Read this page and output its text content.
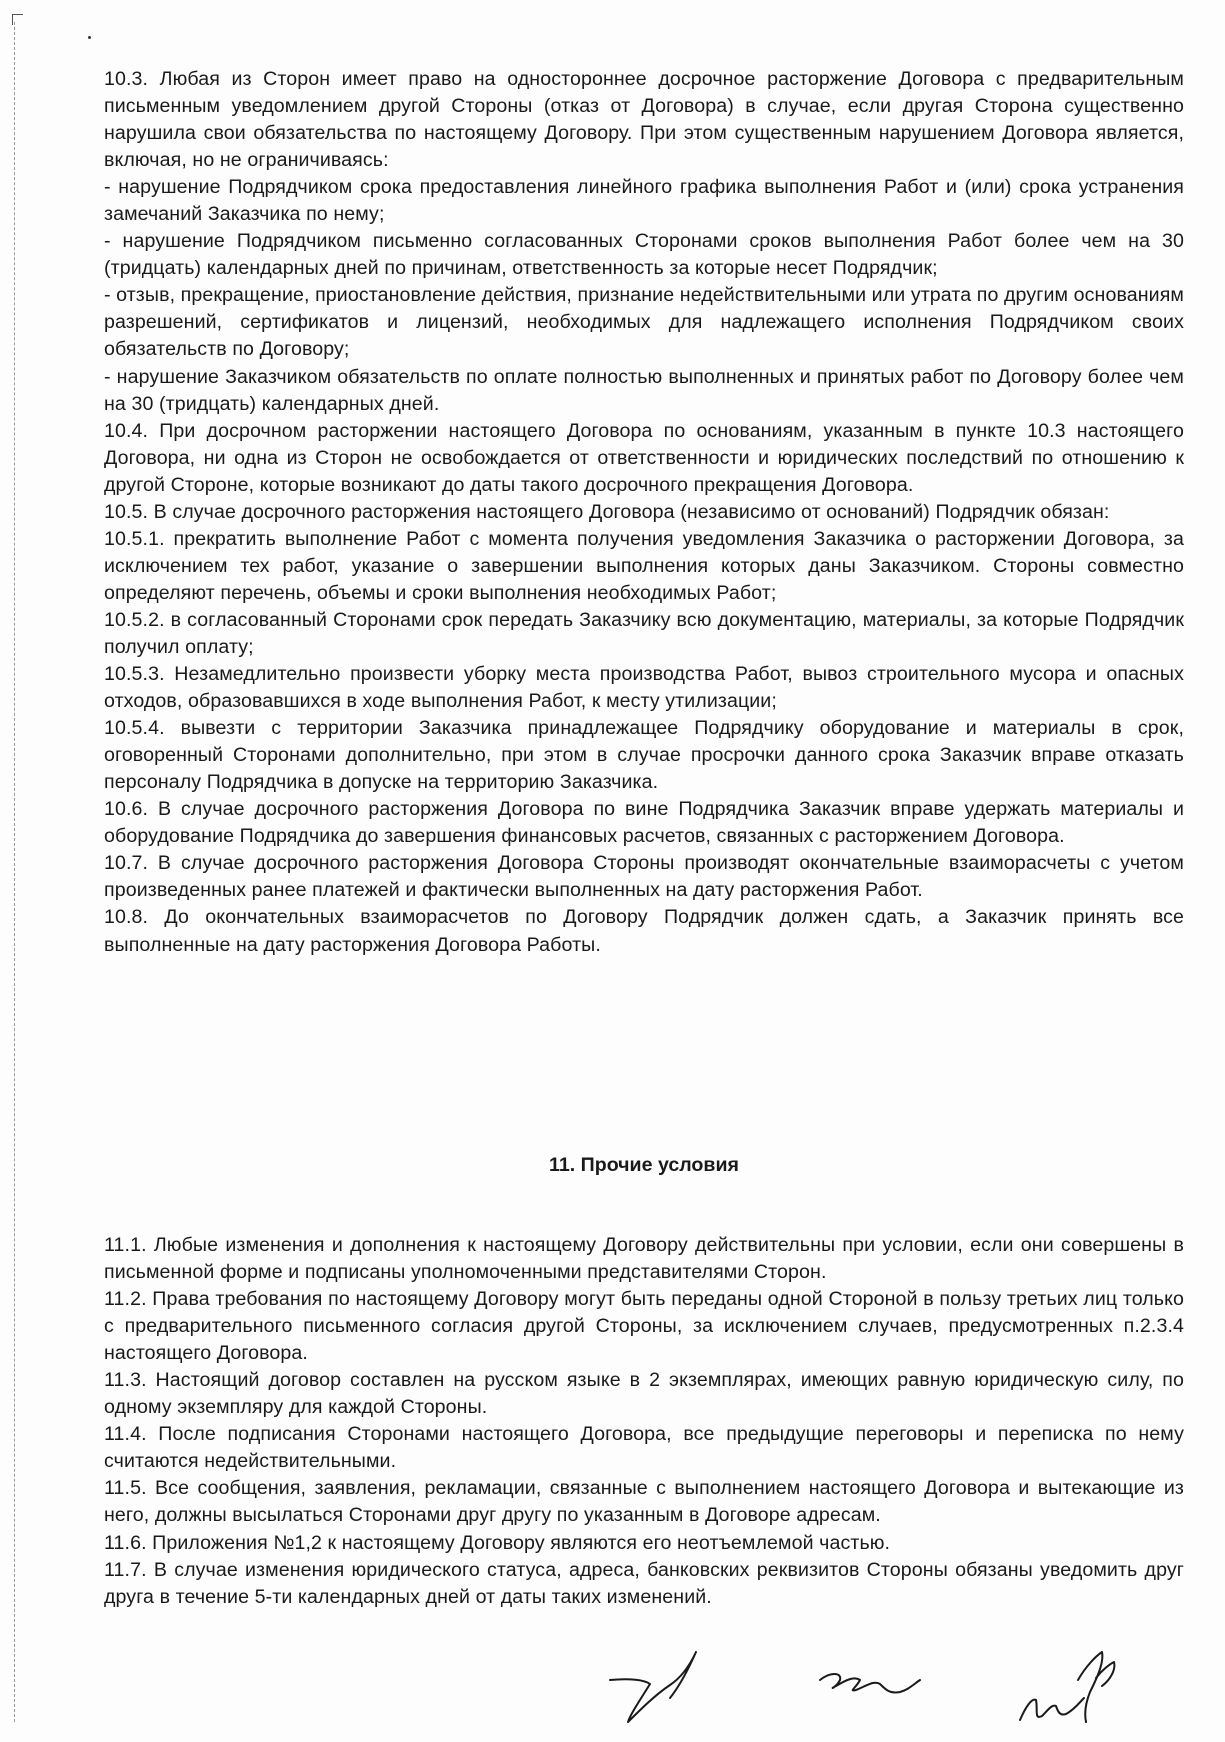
10.3. Любая из Сторон имеет право на одностороннее досрочное расторжение Договора с предварительным письменным уведомлением другой Стороны (отказ от Договора) в случае, если другая Сторона существенно нарушила свои обязательства по настоящему Договору. При этом существенным нарушением Договора является, включая, но не ограничиваясь:

- нарушение Подрядчиком срока предоставления линейного графика выполнения Работ и (или) срока устранения замечаний Заказчика по нему;

- нарушение Подрядчиком письменно согласованных Сторонами сроков выполнения Работ более чем на 30 (тридцать) календарных дней по причинам, ответственность за которые несет Подрядчик;

- отзыв, прекращение, приостановление действия, признание недействительными или утрата по другим основаниям разрешений, сертификатов и лицензий, необходимых для надлежащего исполнения Подрядчиком своих обязательств по Договору;

- нарушение Заказчиком обязательств по оплате полностью выполненных и принятых работ по Договору более чем на 30 (тридцать) календарных дней.

10.4. При досрочном расторжении настоящего Договора по основаниям, указанным в пункте 10.3 настоящего Договора, ни одна из Сторон не освобождается от ответственности и юридических последствий по отношению к другой Стороне, которые возникают до даты такого досрочного прекращения Договора.

10.5. В случае досрочного расторжения настоящего Договора (независимо от оснований) Подрядчик обязан:

10.5.1. прекратить выполнение Работ с момента получения уведомления Заказчика о расторжении Договора, за исключением тех работ, указание о завершении выполнения которых даны Заказчиком. Стороны совместно определяют перечень, объемы и сроки выполнения необходимых Работ;

10.5.2. в согласованный Сторонами срок передать Заказчику всю документацию, материалы, за которые Подрядчик получил оплату;

10.5.3. Незамедлительно произвести уборку места производства Работ, вывоз строительного мусора и опасных отходов, образовавшихся в ходе выполнения Работ, к месту утилизации;

10.5.4. вывезти с территории Заказчика принадлежащее Подрядчику оборудование и материалы в срок, оговоренный Сторонами дополнительно, при этом в случае просрочки данного срока Заказчик вправе отказать персоналу Подрядчика в допуске на территорию Заказчика.

10.6. В случае досрочного расторжения Договора по вине Подрядчика Заказчик вправе удержать материалы и оборудование Подрядчика до завершения финансовых расчетов, связанных с расторжением Договора.

10.7. В случае досрочного расторжения Договора Стороны производят окончательные взаиморасчеты с учетом произведенных ранее платежей и фактически выполненных на дату расторжения Работ.

10.8. До окончательных взаиморасчетов по Договору Подрядчик должен сдать, а Заказчик принять все выполненные на дату расторжения Договора Работы.

11. Прочие условия

11.1. Любые изменения и дополнения к настоящему Договору действительны при условии, если они совершены в письменной форме и подписаны уполномоченными представителями Сторон.

11.2. Права требования по настоящему Договору могут быть переданы одной Стороной в пользу третьих лиц только с предварительного письменного согласия другой Стороны, за исключением случаев, предусмотренных п.2.3.4 настоящего Договора.

11.3. Настоящий договор составлен на русском языке в 2 экземплярах, имеющих равную юридическую силу, по одному экземпляру для каждой Стороны.

11.4. После подписания Сторонами настоящего Договора, все предыдущие переговоры и переписка по нему считаются недействительными.

11.5. Все сообщения, заявления, рекламации, связанные с выполнением настоящего Договора и вытекающие из него, должны высылаться Сторонами друг другу по указанным в Договоре адресам.

11.6. Приложения №1,2 к настоящему Договору являются его неотъемлемой частью.

11.7. В случае изменения юридического статуса, адреса, банковских реквизитов Стороны обязаны уведомить друг друга в течение 5-ти календарных дней от даты таких изменений.
